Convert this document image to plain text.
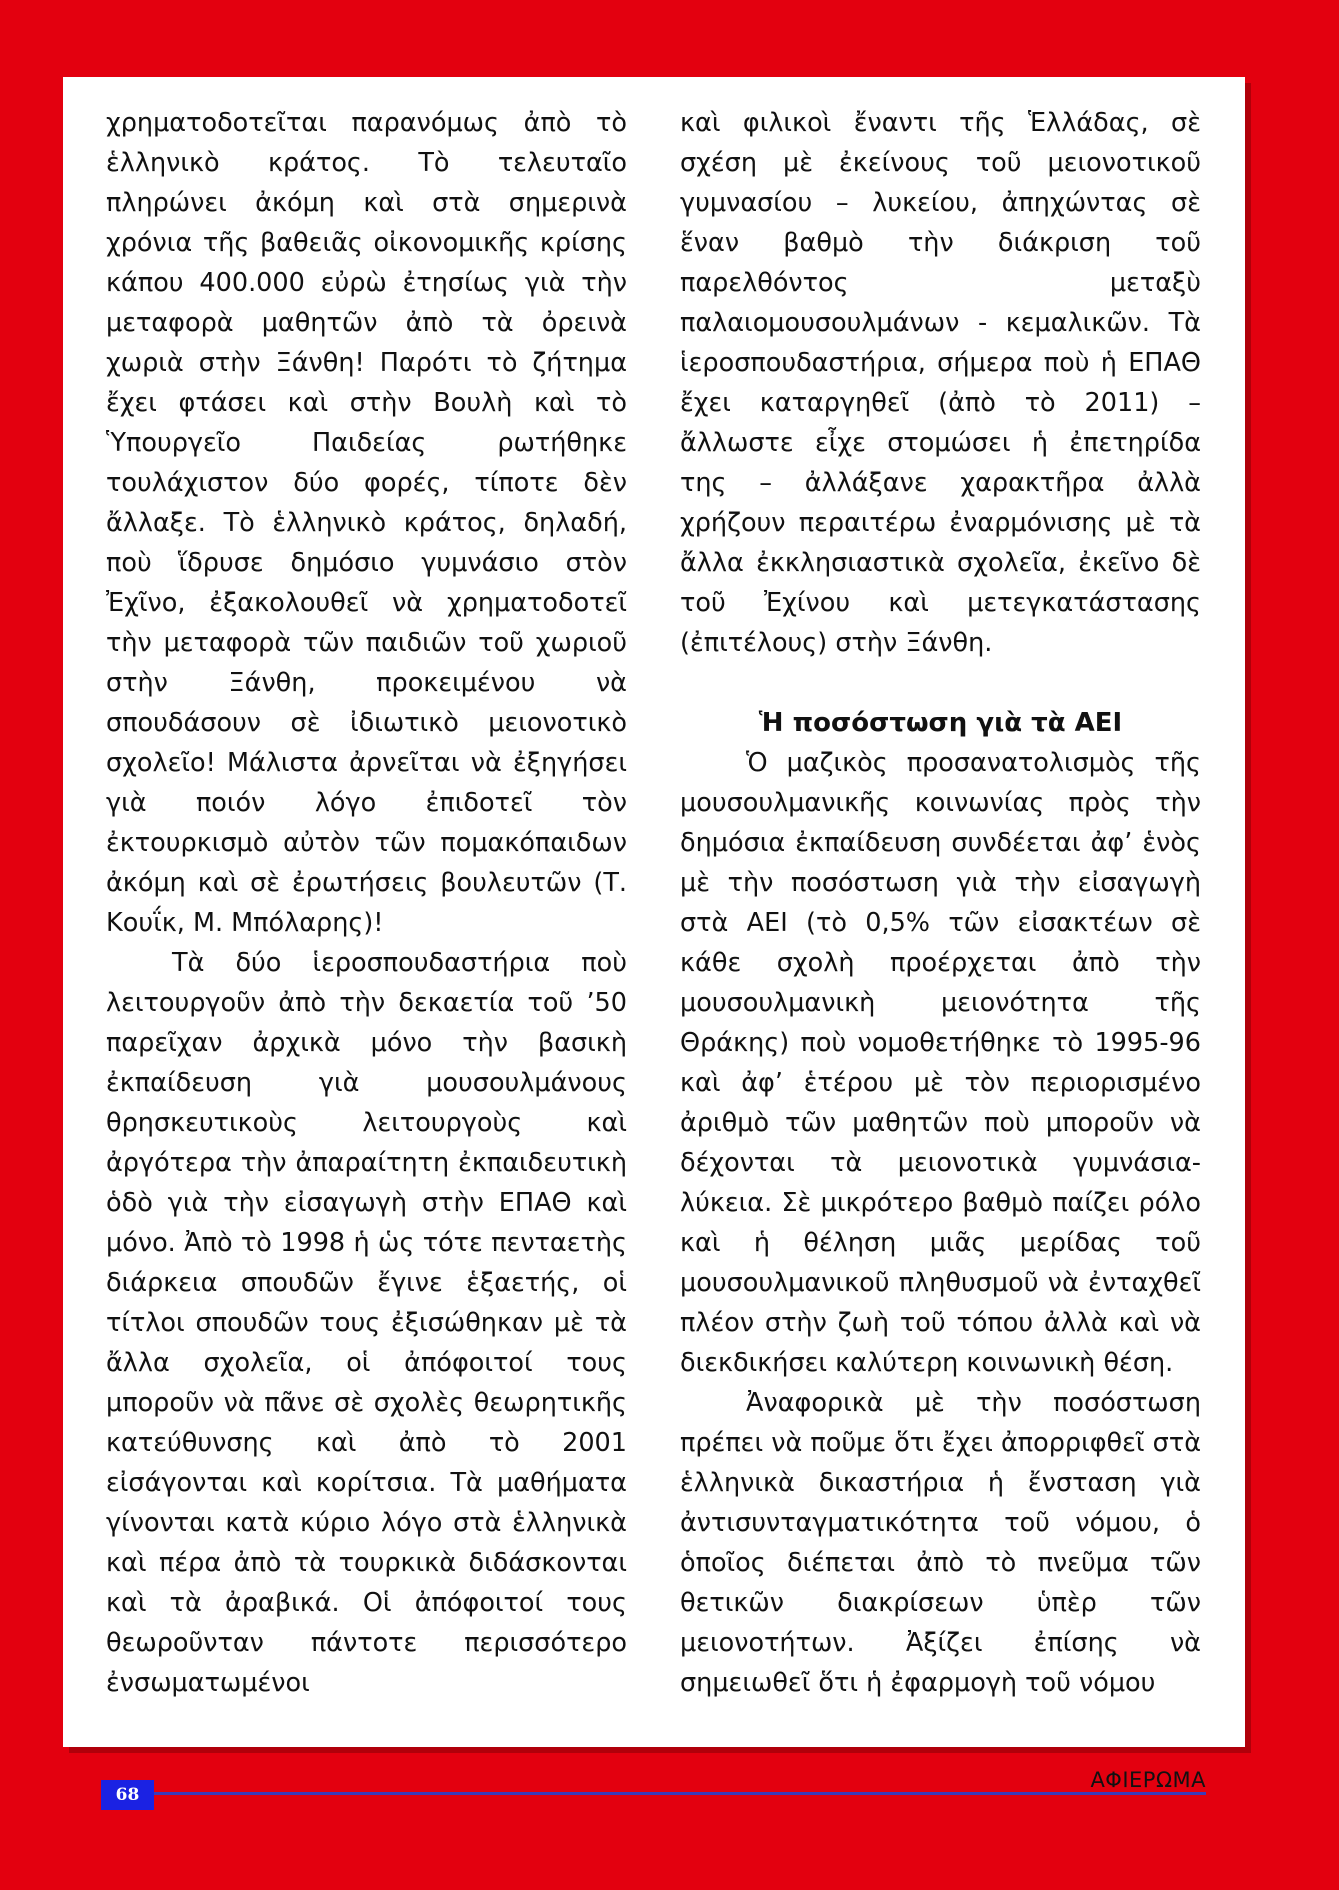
χρηματοδοτεῖται παρανόμως ἀπὸ τὸ ἑλληνικὸ κράτος. Τὸ τελευταῖο πληρώνει ἀκόμη καὶ στὰ σημερινὰ χρόνια τῆς βαθειᾶς οἰκονομικῆς κρίσης κάπου 400.000 εὐρὼ ἐτησίως γιὰ τὴν μεταφορὰ μαθητῶν ἀπὸ τὰ ὀρεινὰ χωριὰ στὴν Ξάνθη! Παρότι τὸ ζήτημα ἔχει φτάσει καὶ στὴν Βουλὴ καὶ τὸ Ὑπουργεῖο Παιδείας ρωτήθηκε τουλάχιστον δύο φορές, τίποτε δὲν ἄλλαξε. Τὸ ἑλληνικὸ κράτος, δηλαδή, ποὺ ἵδρυσε δημόσιο γυμνάσιο στὸν Ἐχῖνο, ἐξακολουθεῖ νὰ χρηματοδοτεῖ τὴν μεταφορὰ τῶν παιδιῶν τοῦ χωριοῦ στὴν Ξάνθη, προκειμένου νὰ σπουδάσουν σὲ ἰδιωτικὸ μειονοτικὸ σχολεῖο! Μάλιστα ἀρνεῖται νὰ ἐξηγήσει γιὰ ποιόν λόγο ἐπιδοτεῖ τὸν ἐκτουρκισμὸ αὐτὸν τῶν πομακόπαιδων ἀκόμη καὶ σὲ ἐρωτήσεις βουλευτῶν (Τ. Κουΐκ, Μ. Μπόλαρης)!

Τὰ δύο ἱεροσπουδαστήρια ποὺ λειτουργοῦν ἀπὸ τὴν δεκαετία τοῦ ’50 παρεῖχαν ἀρχικὰ μόνο τὴν βασικὴ ἐκπαίδευση γιὰ μουσουλμάνους θρησκευτικοὺς λειτουργοὺς καὶ ἀργότερα τὴν ἀπαραίτητη ἐκπαιδευτικὴ ὁδὸ γιὰ τὴν εἰσαγωγὴ στὴν ΕΠΑΘ καὶ μόνο. Ἀπὸ τὸ 1998 ἡ ὡς τότε πενταετὴς διάρκεια σπουδῶν ἔγινε ἑξαετής, οἱ τίτλοι σπουδῶν τους ἐξισώθηκαν μὲ τὰ ἄλλα σχολεῖα, οἱ ἀπόφοιτοί τους μποροῦν νὰ πᾶνε σὲ σχολὲς θεωρητικῆς κατεύθυνσης καὶ ἀπὸ τὸ 2001 εἰσάγονται καὶ κορίτσια. Τὰ μαθήματα γίνονται κατὰ κύριο λόγο στὰ ἑλληνικὰ καὶ πέρα ἀπὸ τὰ τουρκικὰ διδάσκονται καὶ τὰ ἀραβικά. Οἱ ἀπόφοιτοί τους θεωροῦνταν πάντοτε περισσότερο ἐνσωματωμένοι

καὶ φιλικοὶ ἔναντι τῆς Ἑλλάδας, σὲ σχέση μὲ ἐκείνους τοῦ μειονοτικοῦ γυμνασίου – λυκείου, ἀπηχώντας σὲ ἕναν βαθμὸ τὴν διάκριση τοῦ παρελθόντος μεταξὺ παλαιομουσουλμάνων - κεμαλικῶν. Τὰ ἱεροσπουδαστήρια, σήμερα ποὺ ἡ ΕΠΑΘ ἔχει καταργηθεῖ (ἀπὸ τὸ 2011) – ἄλλωστε εἶχε στομώσει ἡ ἐπετηρίδα της – ἀλλάξανε χαρακτῆρα ἀλλὰ χρήζουν περαιτέρω ἐναρμόνισης μὲ τὰ ἄλλα ἐκκλησιαστικὰ σχολεῖα, ἐκεῖνο δὲ τοῦ Ἐχίνου καὶ μετεγκατάστασης (ἐπιτέλους) στὴν Ξάνθη.

Ἡ ποσόστωση γιὰ τὰ ΑΕΙ

Ὁ μαζικὸς προσανατολισμὸς τῆς μουσουλμανικῆς κοινωνίας πρὸς τὴν δημόσια ἐκπαίδευση συνδέεται ἀφ’ ἑνὸς μὲ τὴν ποσόστωση γιὰ τὴν εἰσαγωγὴ στὰ ΑΕΙ (τὸ 0,5% τῶν εἰσακτέων σὲ κάθε σχολὴ προέρχεται ἀπὸ τὴν μουσουλμανικὴ μειονότητα τῆς Θράκης) ποὺ νομοθετήθηκε τὸ 1995-96 καὶ ἀφ’ ἑτέρου μὲ τὸν περιορισμένο ἀριθμὸ τῶν μαθητῶν ποὺ μποροῦν νὰ δέχονται τὰ μειονοτικὰ γυμνάσια-λύκεια. Σὲ μικρότερο βαθμὸ παίζει ρόλο καὶ ἡ θέληση μιᾶς μερίδας τοῦ μουσουλμανικοῦ πληθυσμοῦ νὰ ἐνταχθεῖ πλέον στὴν ζωὴ τοῦ τόπου ἀλλὰ καὶ νὰ διεκδικήσει καλύτερη κοινωνικὴ θέση.

Ἀναφορικὰ μὲ τὴν ποσόστωση πρέπει νὰ ποῦμε ὅτι ἔχει ἀπορριφθεῖ στὰ ἑλληνικὰ δικαστήρια ἡ ἔνσταση γιὰ ἀντισυνταγματικότητα τοῦ νόμου, ὁ ὁποῖος διέπεται ἀπὸ τὸ πνεῦμα τῶν θετικῶν διακρίσεων ὑπὲρ τῶν μειονοτήτων. Ἀξίζει ἐπίσης νὰ σημειωθεῖ ὅτι ἡ ἐφαρμογὴ τοῦ νόμου

68
ΑΦΙΕΡΩΜΑ
